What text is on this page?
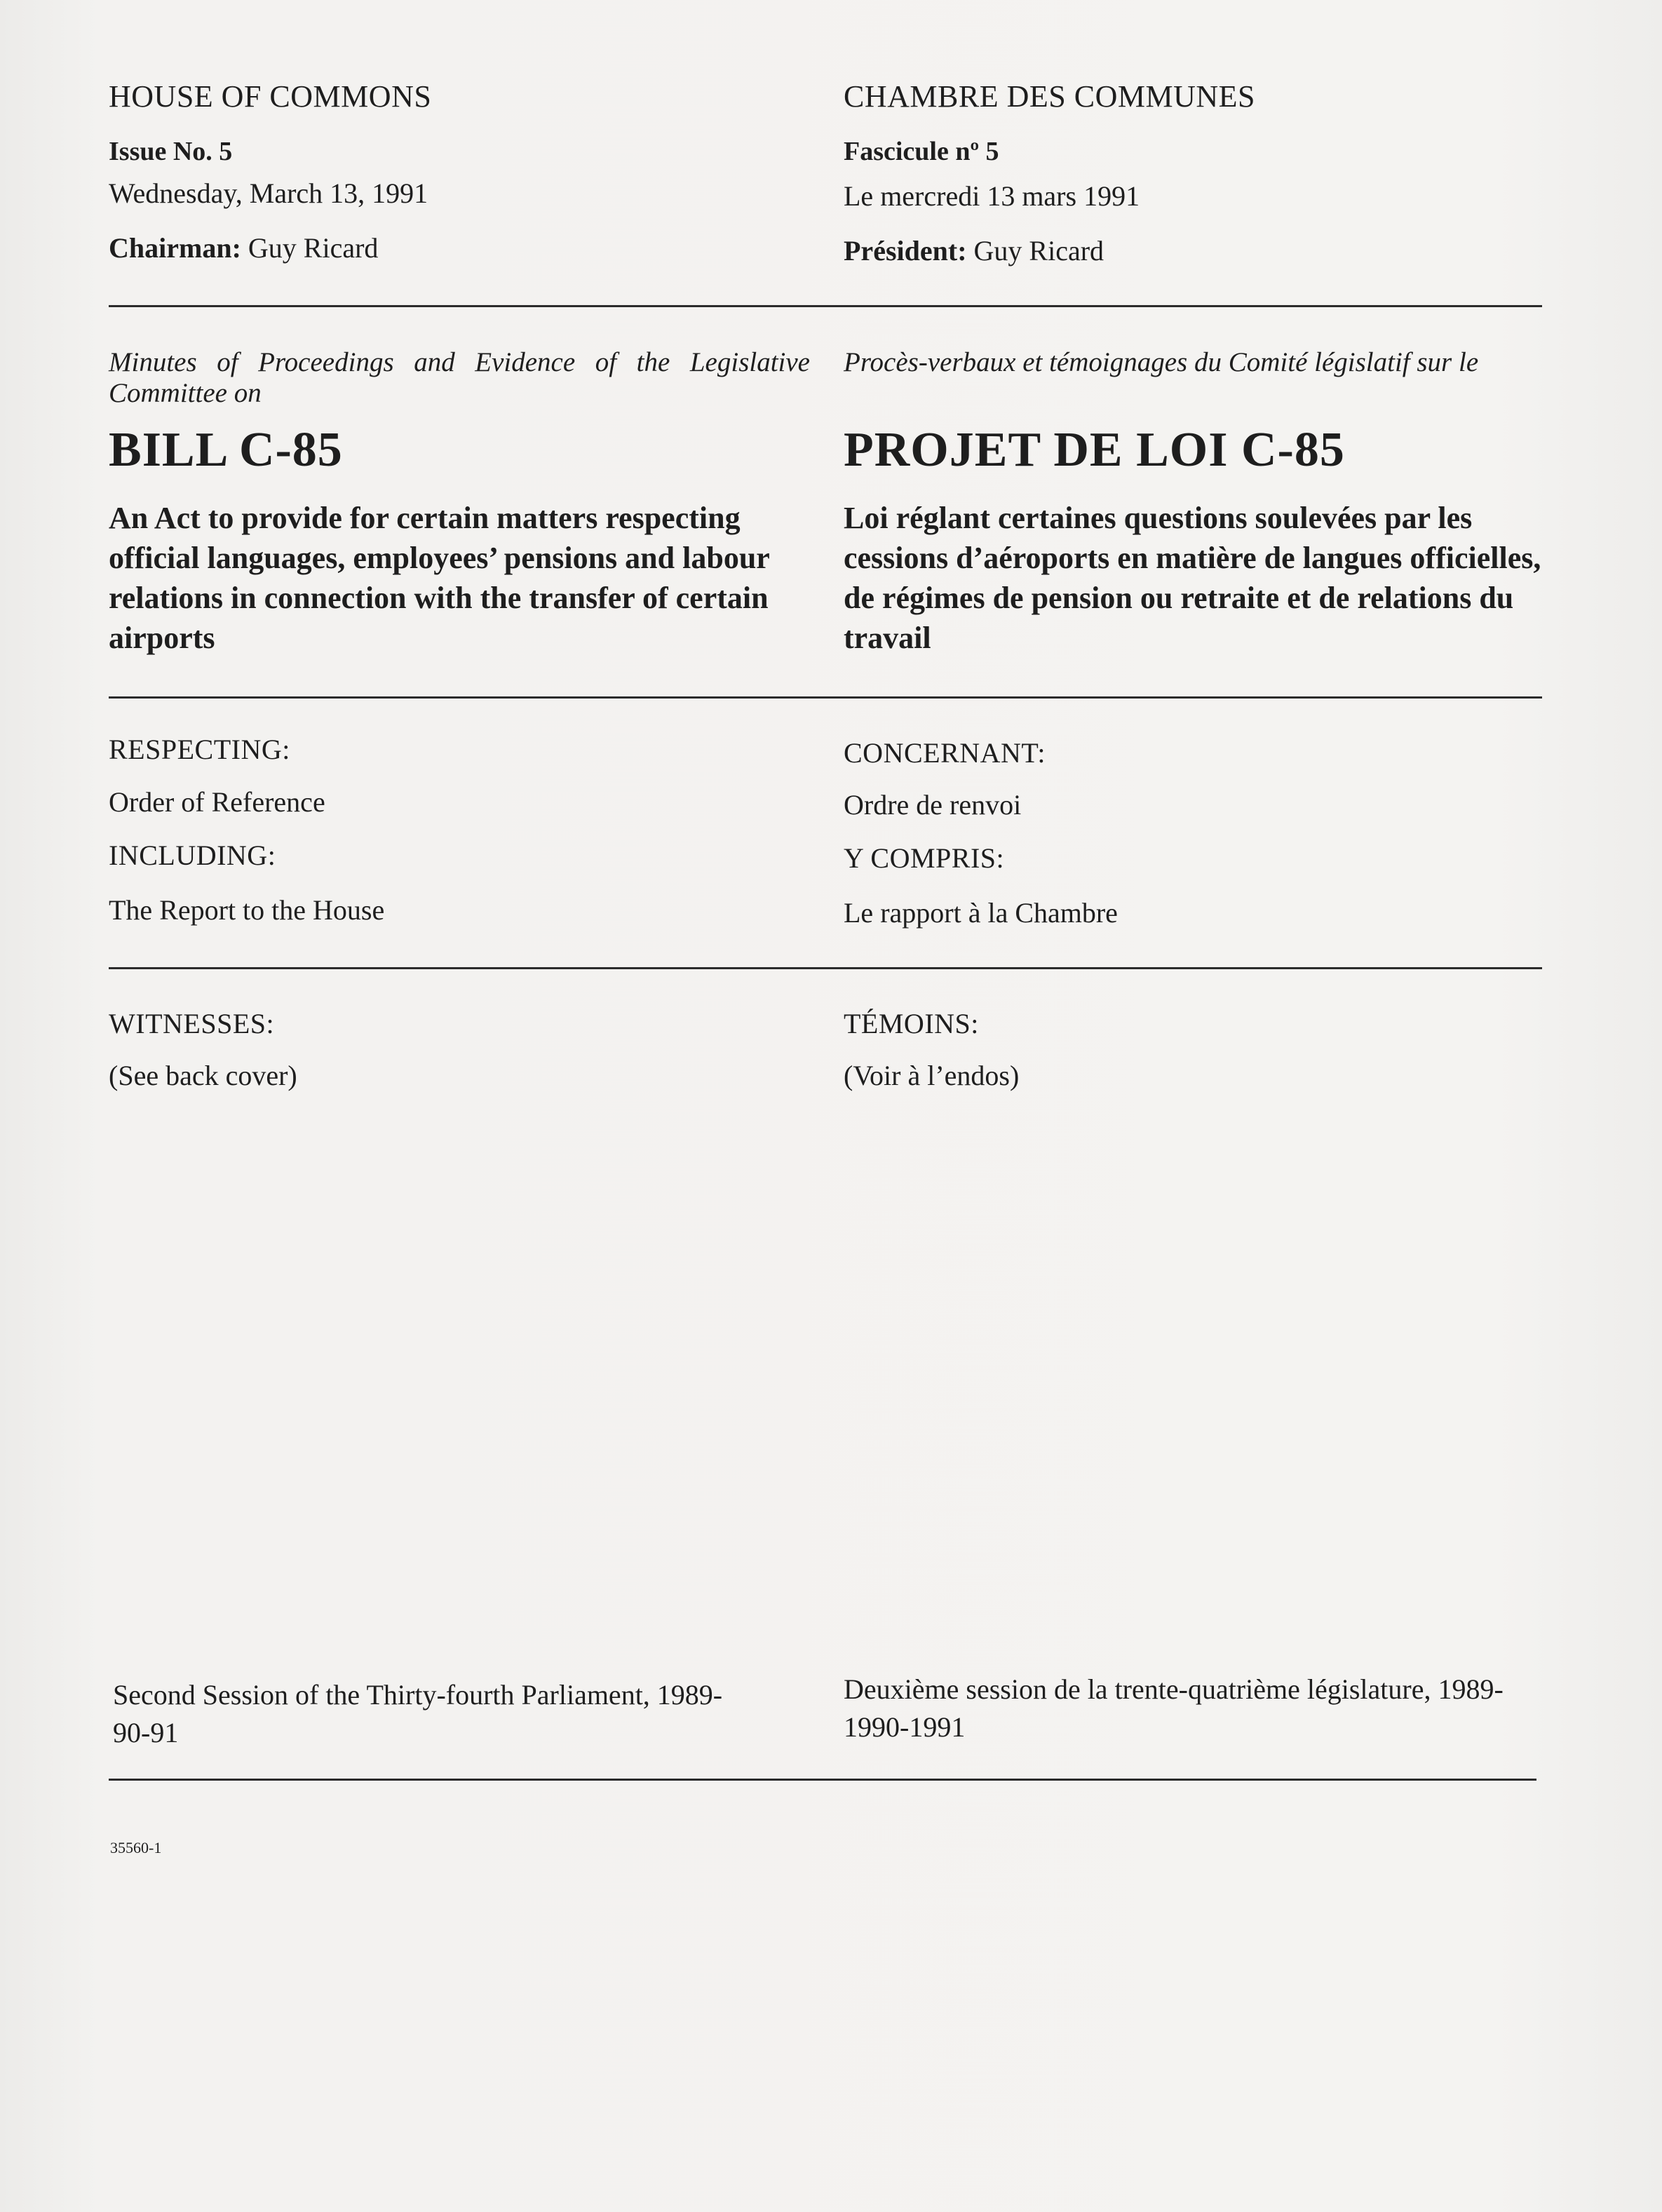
HOUSE OF COMMONS
Issue No. 5
Wednesday, March 13, 1991
Chairman: Guy Ricard
Minutes of Proceedings and Evidence of the Legislative Committee on
BILL C-85
An Act to provide for certain matters respecting official languages, employees’ pensions and labour relations in connection with the transfer of certain airports
RESPECTING:
Order of Reference
INCLUDING:
The Report to the House
WITNESSES:
(See back cover)
Second Session of the Thirty-fourth Parliament, 1989-90-91
35560-1
CHAMBRE DES COMMUNES
Fascicule nº 5
Le mercredi 13 mars 1991
Président: Guy Ricard
Procès-verbaux et témoignages du Comité législatif sur le
PROJET DE LOI C-85
Loi réglant certaines questions soulevées par les cessions d’aéroports en matière de langues officielles, de régimes de pension ou retraite et de relations du travail
CONCERNANT:
Ordre de renvoi
Y COMPRIS:
Le rapport à la Chambre
TÉMOINS:
(Voir à l’endos)
Deuxième session de la trente-quatrième législature, 1989-1990-1991
